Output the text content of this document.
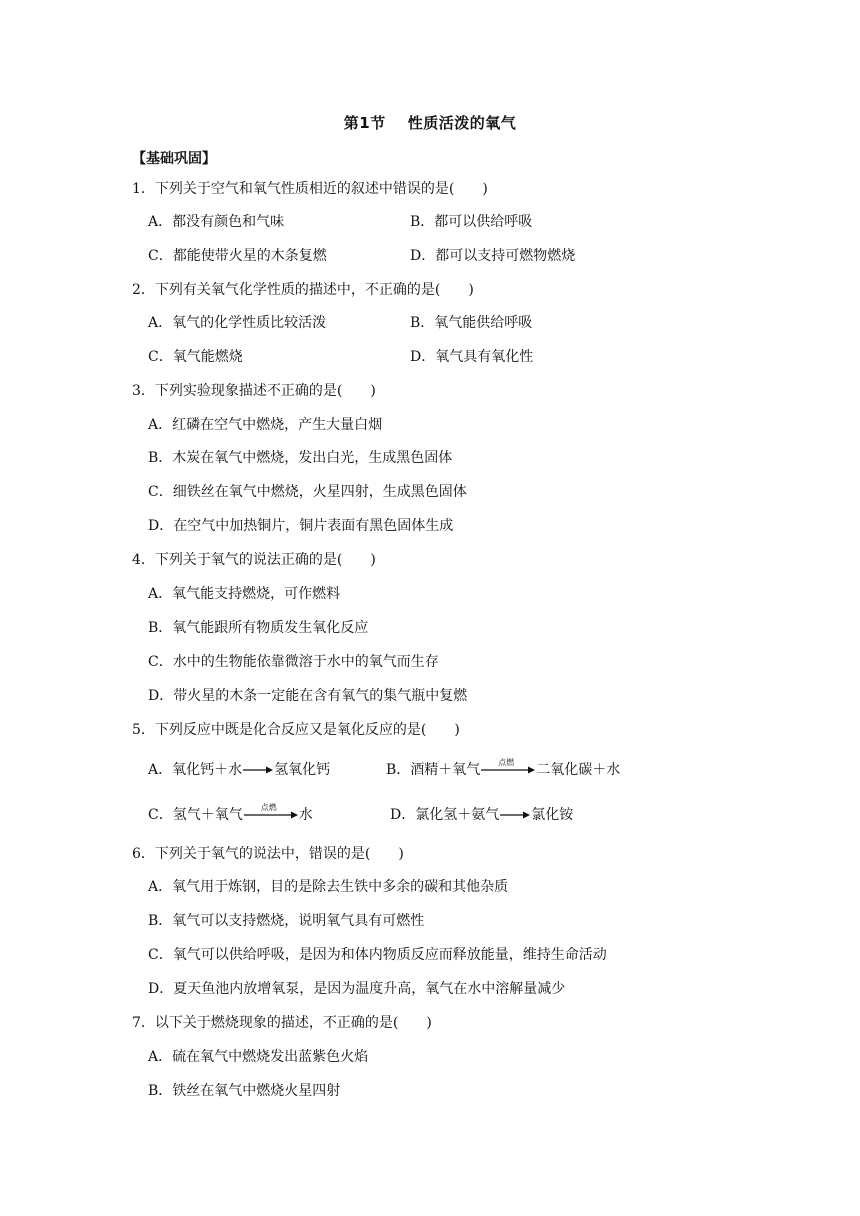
第1节 性质活泼的氧气
【基础巩固】
1．下列关于空气和氧气性质相近的叙述中错误的是(　　)
A．都没有颜色和气味	B．都可以供给呼吸
C．都能使带火星的木条复燃	D．都可以支持可燃物燃烧
2．下列有关氧气化学性质的描述中，不正确的是(　　)
A．氧气的化学性质比较活泼	B．氧气能供给呼吸
C．氧气能燃烧	D．氧气具有氧化性
3．下列实验现象描述不正确的是(　　)
A．红磷在空气中燃烧，产生大量白烟
B．木炭在氧气中燃烧，发出白光，生成黑色固体
C．细铁丝在氧气中燃烧，火星四射，生成黑色固体
D．在空气中加热铜片，铜片表面有黑色固体生成
4．下列关于氧气的说法正确的是(　　)
A．氧气能支持燃烧，可作燃料
B．氧气能跟所有物质发生氧化反应
C．水中的生物能依靠微溶于水中的氧气而生存
D．带火星的木条一定能在含有氧气的集气瓶中复燃
5．下列反应中既是化合反应又是氧化反应的是(　　)
A．氧化钙＋水 氢氧化钙	B．酒精＋氧气 点燃 二氧化碳＋水
C．氢气＋氧气 点燃 水	D．氯化氢＋氨气 氯化铵
6．下列关于氧气的说法中，错误的是(　　)
A．氧气用于炼钢，目的是除去生铁中多余的碳和其他杂质
B．氧气可以支持燃烧，说明氧气具有可燃性
C．氧气可以供给呼吸，是因为和体内物质反应而释放能量，维持生命活动
D．夏天鱼池内放增氧泵，是因为温度升高，氧气在水中溶解量减少
7．以下关于燃烧现象的描述，不正确的是(　　)
A．硫在氧气中燃烧发出蓝紫色火焰
B．铁丝在氧气中燃烧火星四射
